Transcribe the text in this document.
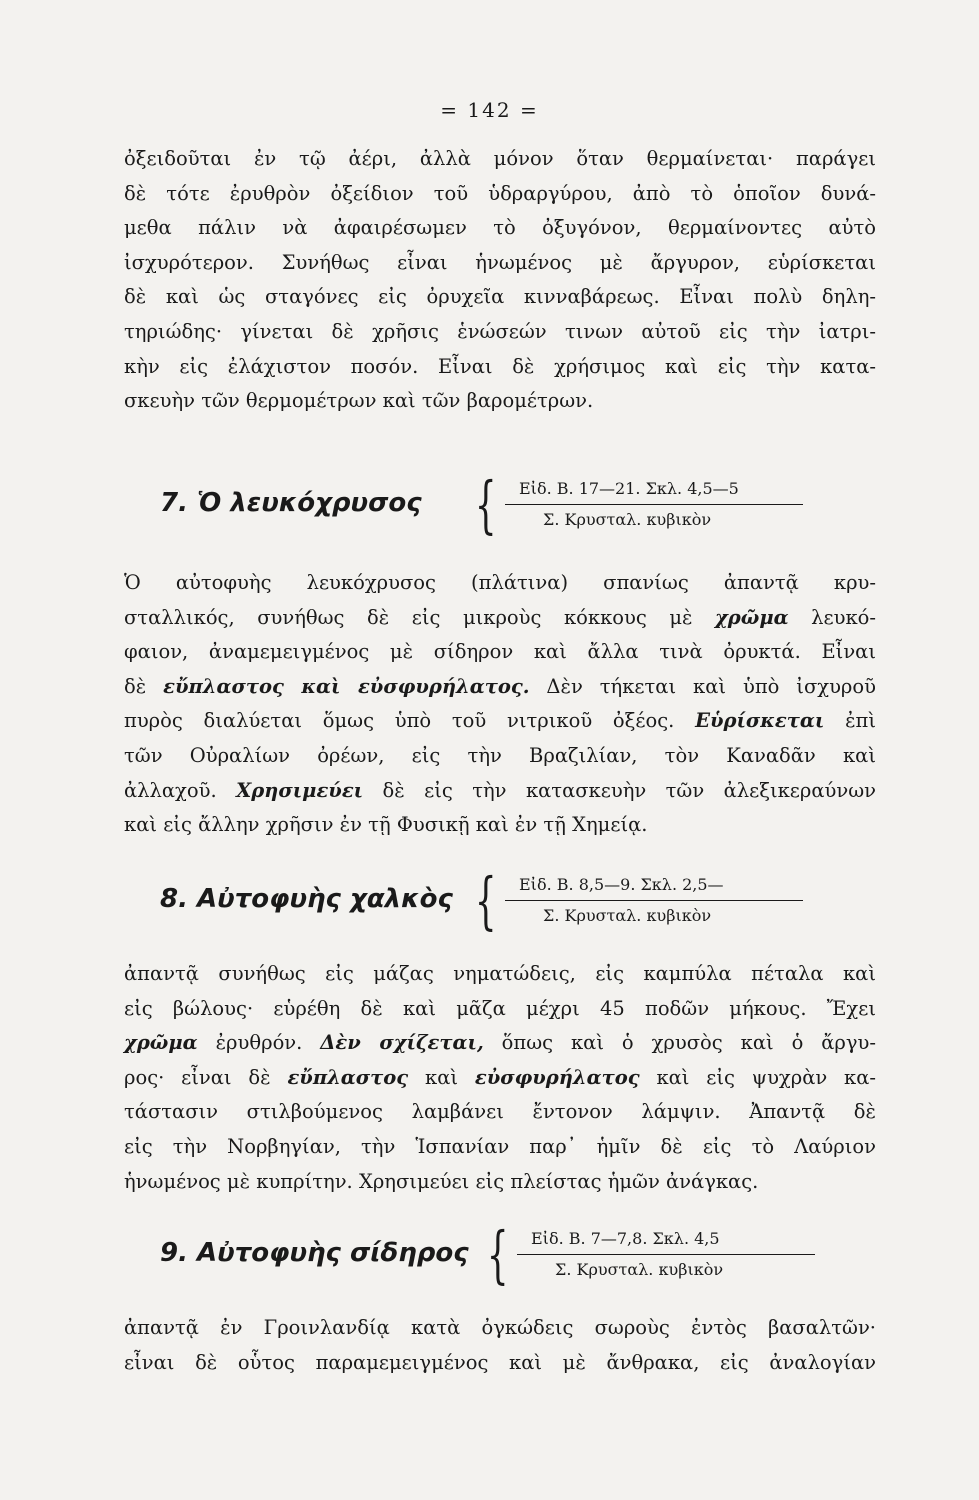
= 142 =
ὀξειδοῦται ἐν τῷ ἀέρι, ἀλλὰ μόνον ὅταν θερμαίνεται· παράγει
δὲ τότε ἐρυθρὸν ὀξείδιον τοῦ ὑδραργύρου, ἀπὸ τὸ ὁποῖον δυνά-
μεθα πάλιν νὰ ἀφαιρέσωμεν τὸ ὀξυγόνον, θερμαίνοντες αὐτὸ
ἰσχυρότερον. Συνήθως εἶναι ἡνωμένος μὲ ἄργυρον, εὑρίσκεται
δὲ καὶ ὡς σταγόνες εἰς ὀρυχεῖα κινναβάρεως. Εἶναι πολὺ δηλη-
τηριώδης· γίνεται δὲ χρῆσις ἑνώσεών τινων αὐτοῦ εἰς τὴν ἰατρι-
κὴν εἰς ἐλάχιστον ποσόν. Εἶναι δὲ χρήσιμος καὶ εἰς τὴν κατα-
σκευὴν τῶν θερμομέτρων καὶ τῶν βαρομέτρων.
7. Ὁ λευκόχρυσος {	Εἰδ. Β. 17—21. Σκλ. 4,5—5
Σ. Κρυσταλ. κυβικὸν
Ὁ αὐτοφυὴς λευκόχρυσος (πλάτινα) σπανίως ἀπαντᾷ κρυ-
σταλλικός, συνήθως δὲ εἰς μικροὺς κόκκους μὲ χρῶμα λευκό-
φαιον, ἀναμεμειγμένος μὲ σίδηρον καὶ ἄλλα τινὰ ὀρυκτά. Εἶναι
δὲ εὔπλαστος καὶ εὐσφυρήλατος. Δὲν τήκεται καὶ ὑπὸ ἰσχυροῦ
πυρὸς διαλύεται ὅμως ὑπὸ τοῦ νιτρικοῦ ὀξέος. Εὑρίσκεται ἐπὶ
τῶν Οὐραλίων ὀρέων, εἰς τὴν Βραζιλίαν, τὸν Καναδᾶν καὶ
ἀλλαχοῦ. Χρησιμεύει δὲ εἰς τὴν κατασκευὴν τῶν ἀλεξικεραύνων
καὶ εἰς ἄλλην χρῆσιν ἐν τῇ Φυσικῇ καὶ ἐν τῇ Χημείᾳ.
8. Αὐτοφυὴς χαλκὸς {	Εἰδ. Β. 8,5—9. Σκλ. 2,5—
Σ. Κρυσταλ. κυβικὸν
ἀπαντᾷ συνήθως εἰς μάζας νηματώδεις, εἰς καμπύλα πέταλα καὶ
εἰς βώλους· εὑρέθη δὲ καὶ μᾶζα μέχρι 45 ποδῶν μήκους. Ἔχει
χρῶμα ἐρυθρόν. Δὲν σχίζεται, ὅπως καὶ ὁ χρυσὸς καὶ ὁ ἄργυ-
ρος· εἶναι δὲ εὔπλαστος καὶ εὐσφυρήλατος καὶ εἰς ψυχρὰν κα-
τάστασιν στιλβούμενος λαμβάνει ἔντονον λάμψιν. Ἀπαντᾷ δὲ
εἰς τὴν Νορβηγίαν, τὴν Ἱσπανίαν παρ᾽ ἡμῖν δὲ εἰς τὸ Λαύριον
ἡνωμένος μὲ κυπρίτην. Χρησιμεύει εἰς πλείστας ἡμῶν ἀνάγκας.
9. Αὐτοφυὴς σίδηρος {	Εἰδ. Β. 7—7,8. Σκλ. 4,5
Σ. Κρυσταλ. κυβικὸν
ἀπαντᾷ ἐν Γροινλανδίᾳ κατὰ ὀγκώδεις σωροὺς ἐντὸς βασαλτῶν·
εἶναι δὲ οὗτος παραμεμειγμένος καὶ μὲ ἄνθρακα, εἰς ἀναλογίαν
